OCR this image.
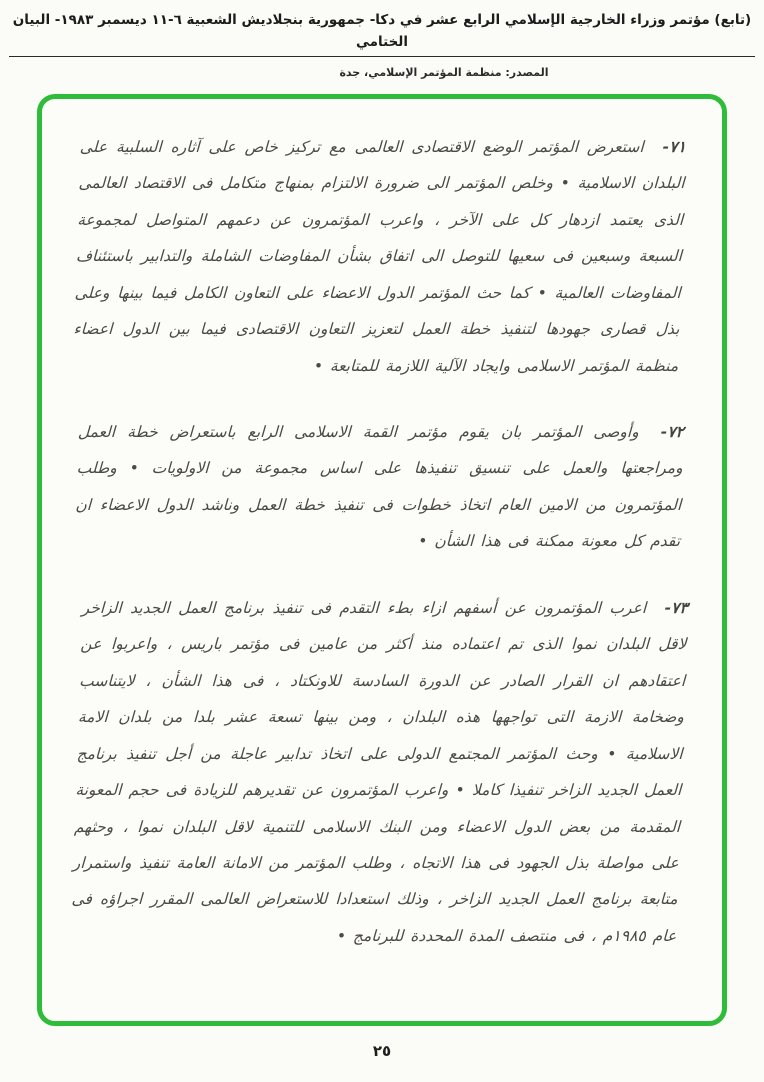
(تابع) مؤتمر وزراء الخارجية الإسلامي الرابع عشر في دكا- جمهورية بنجلاديش الشعبية ٦-١١ ديسمبر ١٩٨٣- البيان الختامي
المصدر: منظمة المؤتمر الإسلامي، جدة

٧١- استعرض المؤتمر الوضع الاقتصادى العالمى مع تركيز خاص على آثاره السلبية على البلدان الاسلامية • وخلص المؤتمر الى ضرورة الالتزام بمنهاج متكامل فى الاقتصاد العالمى الذى يعتمد ازدهار كل على الآخر ، واعرب المؤتمرون عن دعمهم المتواصل لمجموعة السبعة وسبعين فى سعيها للتوصل الى اتفاق بشأن المفاوضات الشاملة والتدابير باستئناف المفاوضات العالمية • كما حث المؤتمر الدول الاعضاء على التعاون الكامل فيما بينها وعلى بذل قصارى جهودها لتنفيذ خطة العمل لتعزيز التعاون الاقتصادى فيما بين الدول اعضاء منظمة المؤتمر الاسلامى وايجاد الآلية اللازمة للمتابعة •

٧٢- وأوصى المؤتمر بان يقوم مؤتمر القمة الاسلامى الرابع باستعراض خطة العمل ومراجعتها والعمل على تنسيق تنفيذها على اساس مجموعة من الاولويات • وطلب المؤتمرون من الامين العام اتخاذ خطوات فى تنفيذ خطة العمل وناشد الدول الاعضاء ان تقدم كل معونة ممكنة فى هذا الشأن •

٧٣- اعرب المؤتمرون عن أسفهم ازاء بطء التقدم فى تنفيذ برنامج العمل الجديد الزاخر لاقل البلدان نموا الذى تم اعتماده منذ أكثر من عامين فى مؤتمر باريس ، واعربوا عن اعتقادهم ان القرار الصادر عن الدورة السادسة للاونكتاد ، فى هذا الشأن ، لايتناسب وضخامة الازمة التى تواجهها هذه البلدان ، ومن بينها تسعة عشر بلدا من بلدان الامة الاسلامية • وحث المؤتمر المجتمع الدولى على اتخاذ تدابير عاجلة من أجل تنفيذ برنامج العمل الجديد الزاخر تنفيذا كاملا • واعرب المؤتمرون عن تقديرهم للزيادة فى حجم المعونة المقدمة من بعض الدول الاعضاء ومن البنك الاسلامى للتنمية لاقل البلدان نموا ، وحثهم على مواصلة بذل الجهود فى هذا الاتجاه ، وطلب المؤتمر من الامانة العامة تنفيذ واستمرار متابعة برنامج العمل الجديد الزاخر ، وذلك استعدادا للاستعراض العالمى المقرر اجراؤه فى عام ١٩٨٥م ، فى منتصف المدة المحددة للبرنامج •

٢٥
